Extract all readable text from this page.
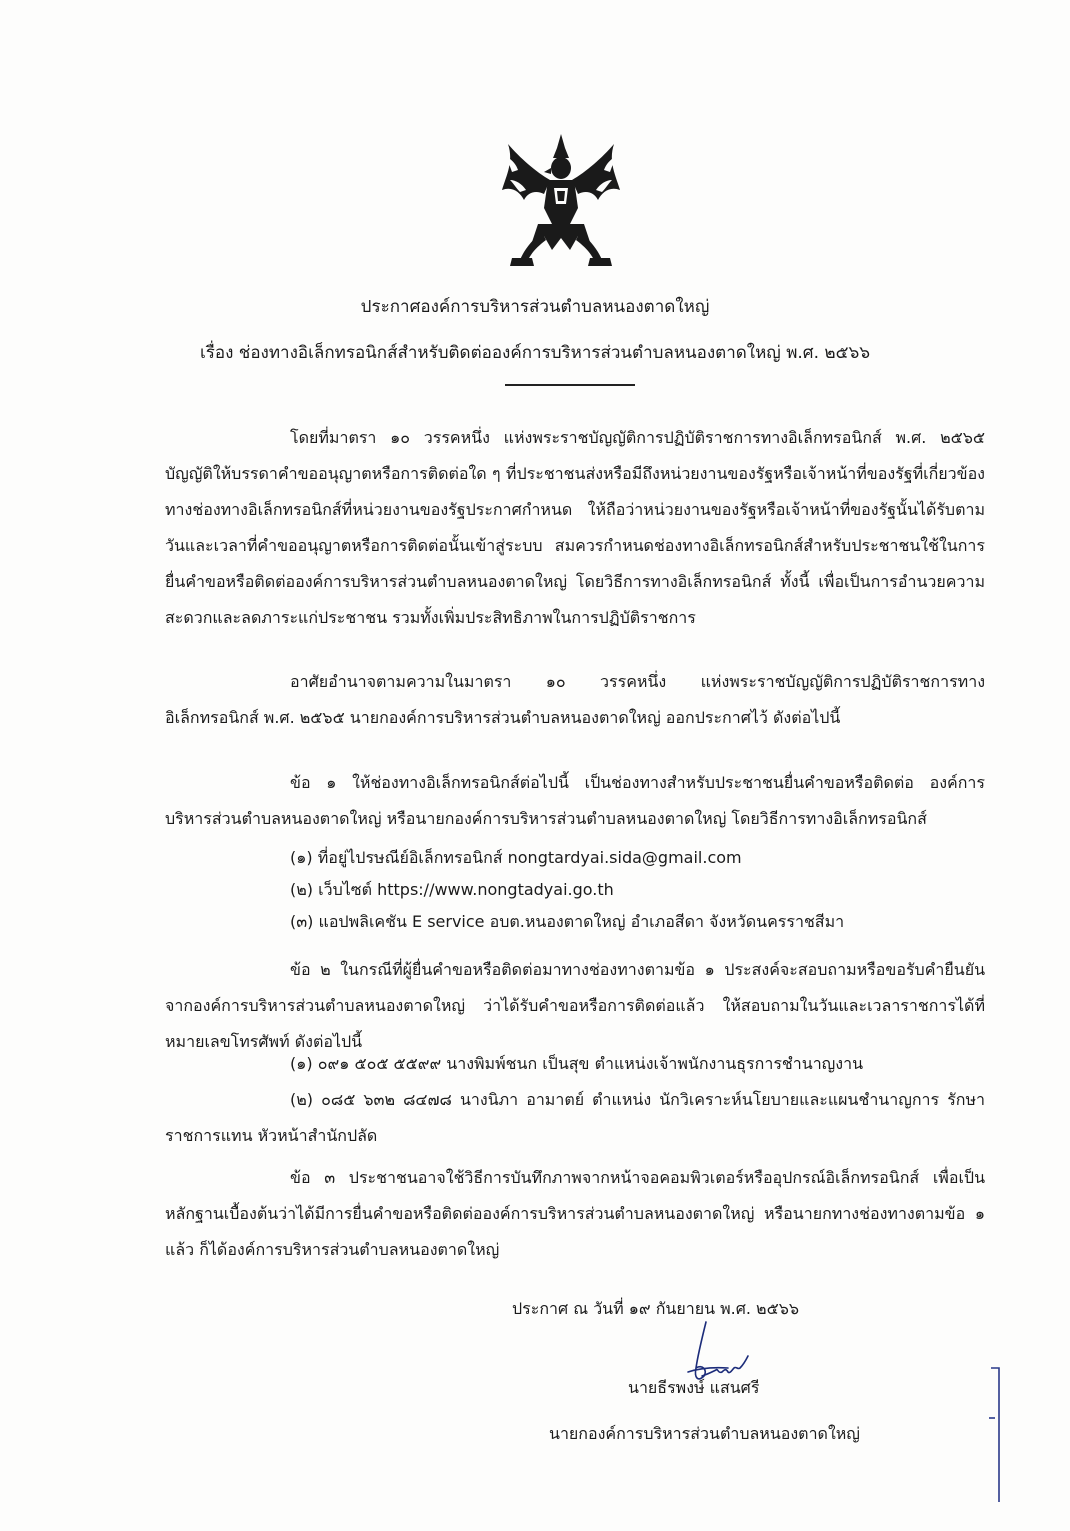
ประกาศองค์การบริหารส่วนตำบลหนองตาดใหญ่
เรื่อง ช่องทางอิเล็กทรอนิกส์สำหรับติดต่อองค์การบริหารส่วนตำบลหนองตาดใหญ่ พ.ศ. ๒๕๖๖

โดยที่มาตรา ๑๐ วรรคหนึ่ง แห่งพระราชบัญญัติการปฏิบัติราชการทางอิเล็กทรอนิกส์ พ.ศ. ๒๕๖๕ บัญญัติให้บรรดาคำขออนุญาตหรือการติดต่อใด ๆ ที่ประชาชนส่งหรือมีถึงหน่วยงานของรัฐหรือเจ้าหน้าที่ของรัฐที่เกี่ยวข้องทางช่องทางอิเล็กทรอนิกส์ที่หน่วยงานของรัฐประกาศกำหนด ให้ถือว่าหน่วยงานของรัฐหรือเจ้าหน้าที่ของรัฐนั้นได้รับตามวันและเวลาที่คำขออนุญาตหรือการติดต่อนั้นเข้าสู่ระบบ สมควรกำหนดช่องทางอิเล็กทรอนิกส์สำหรับประชาชนใช้ในการยื่นคำขอหรือติดต่อองค์การบริหารส่วนตำบลหนองตาดใหญ่ โดยวิธีการทางอิเล็กทรอนิกส์ ทั้งนี้ เพื่อเป็นการอำนวยความสะดวกและลดภาระแก่ประชาชน รวมทั้งเพิ่มประสิทธิภาพในการปฏิบัติราชการ

อาศัยอำนาจตามความในมาตรา ๑๐ วรรคหนึ่ง แห่งพระราชบัญญัติการปฏิบัติราชการทางอิเล็กทรอนิกส์ พ.ศ. ๒๕๖๕ นายกองค์การบริหารส่วนตำบลหนองตาดใหญ่ ออกประกาศไว้ ดังต่อไปนี้

ข้อ ๑ ให้ช่องทางอิเล็กทรอนิกส์ต่อไปนี้ เป็นช่องทางสำหรับประชาชนยื่นคำขอหรือติดต่อ องค์การบริหารส่วนตำบลหนองตาดใหญ่ หรือนายกองค์การบริหารส่วนตำบลหนองตาดใหญ่ โดยวิธีการทางอิเล็กทรอนิกส์

(๑) ที่อยู่ไปรษณีย์อิเล็กทรอนิกส์ nongtardyai.sida@gmail.com
(๒) เว็บไซต์ https://www.nongtadyai.go.th
(๓) แอปพลิเคชัน E service อบต.หนองตาดใหญ่ อำเภอสีดา จังหวัดนครราชสีมา

ข้อ ๒ ในกรณีที่ผู้ยื่นคำขอหรือติดต่อมาทางช่องทางตามข้อ ๑ ประสงค์จะสอบถามหรือขอรับคำยืนยันจากองค์การบริหารส่วนตำบลหนองตาดใหญ่ ว่าได้รับคำขอหรือการติดต่อแล้ว ให้สอบถามในวันและเวลาราชการได้ที่หมายเลขโทรศัพท์ ดังต่อไปนี้

(๑) ๐๙๑ ๕๐๕ ๕๕๙๙ นางพิมพ์ชนก เป็นสุข ตำแหน่งเจ้าพนักงานธุรการชำนาญงาน

(๒) ๐๘๕ ๖๓๒ ๘๔๗๘ นางนิภา อามาตย์ ตำแหน่ง นักวิเคราะห์นโยบายและแผนชำนาญการ รักษาราชการแทน หัวหน้าสำนักปลัด

ข้อ ๓ ประชาชนอาจใช้วิธีการบันทึกภาพจากหน้าจอคอมพิวเตอร์หรืออุปกรณ์อิเล็กทรอนิกส์ เพื่อเป็นหลักฐานเบื้องต้นว่าได้มีการยื่นคำขอหรือติดต่อองค์การบริหารส่วนตำบลหนองตาดใหญ่ หรือนายกทางช่องทางตามข้อ ๑ แล้ว ก็ได้องค์การบริหารส่วนตำบลหนองตาดใหญ่

ประกาศ ณ วันที่ ๑๙ กันยายน พ.ศ. ๒๕๖๖
นายธีรพงษ์ แสนศรี
นายกองค์การบริหารส่วนตำบลหนองตาดใหญ่
